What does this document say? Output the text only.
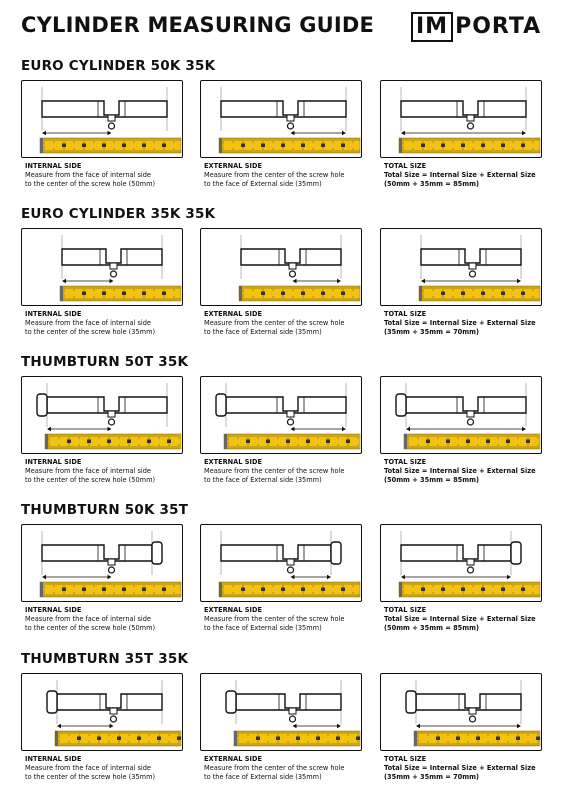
CYLINDER MEASURING GUIDE IM PORTA
EURO CYLINDER 50K 35K
INTERNAL SIDE
Measure from the face of internal side
to the center of the screw hole (50mm)
EXTERNAL SIDE
Measure from the center of the screw hole
to the face of External side (35mm)
TOTAL SIZE
Total Size = Internal Size + External Size
(50mm + 35mm = 85mm)
EURO CYLINDER 35K 35K
INTERNAL SIDE
Measure from the face of internal side
to the center of the screw hole (35mm)
EXTERNAL SIDE
Measure from the center of the screw hole
to the face of External side (35mm)
TOTAL SIZE
Total Size = Internal Size + External Size
(35mm + 35mm = 70mm)
THUMBTURN 50T 35K
INTERNAL SIDE
Measure from the face of internal side
to the center of the screw hole (50mm)
EXTERNAL SIDE
Measure from the center of the screw hole
to the face of External side (35mm)
TOTAL SIZE
Total Size = Internal Size + External Size
(50mm + 35mm = 85mm)
THUMBTURN 50K 35T
INTERNAL SIDE
Measure from the face of internal side
to the center of the screw hole (50mm)
EXTERNAL SIDE
Measure from the center of the screw hole
to the face of External side (35mm)
TOTAL SIZE
Total Size = Internal Size + External Size
(50mm + 35mm = 85mm)
THUMBTURN 35T 35K
INTERNAL SIDE
Measure from the face of internal side
to the center of the screw hole (35mm)
EXTERNAL SIDE
Measure from the center of the screw hole
to the face of External side (35mm)
TOTAL SIZE
Total Size = Internal Size + External Size
(35mm + 35mm = 70mm)
